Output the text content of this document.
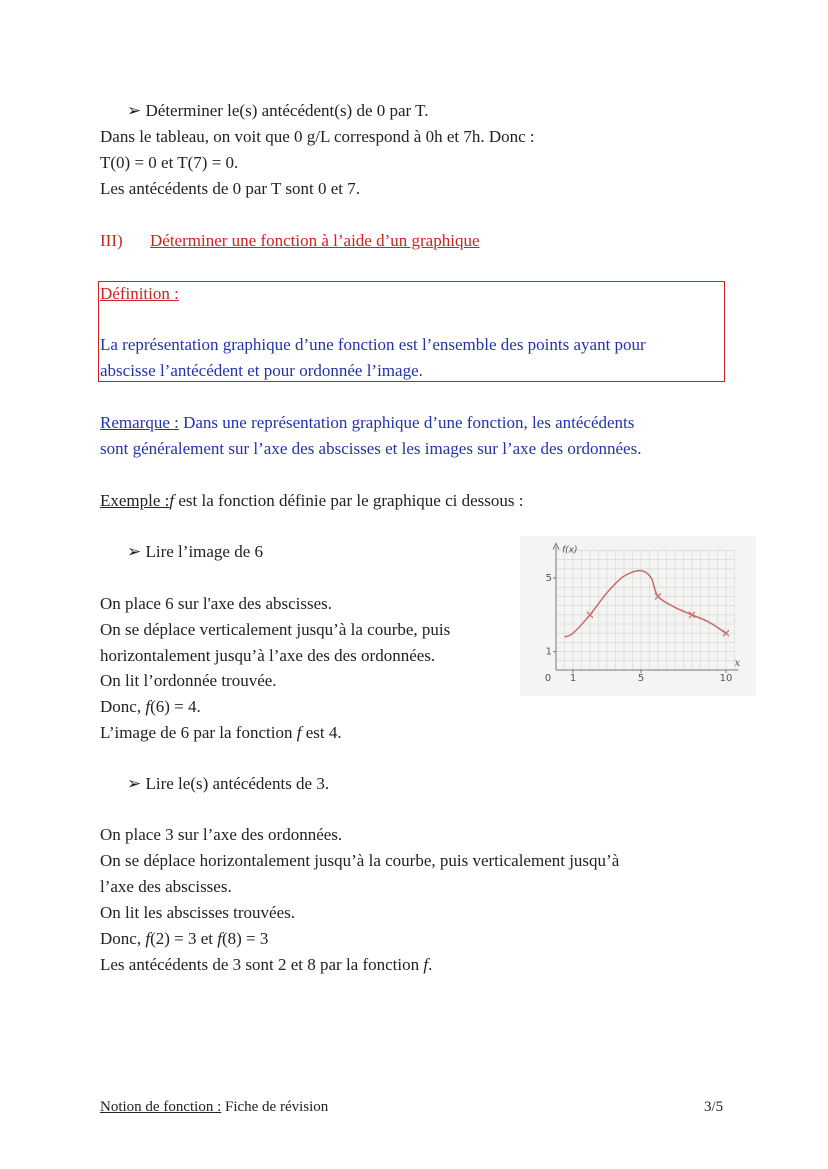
➢ Déterminer le(s) antécédent(s) de 0 par T.
Dans le tableau, on voit que 0 g/L correspond à 0h et 7h. Donc :
T(0) = 0 et T(7) = 0.
Les antécédents de 0 par T sont 0 et 7.
III) Déterminer une fonction à l’aide d’un graphique
Définition :
La représentation graphique d’une fonction est l’ensemble des points ayant pour
abscisse l’antécédent et pour ordonnée l’image.
Remarque : Dans une représentation graphique d’une fonction, les antécédents
sont généralement sur l’axe des abscisses et les images sur l’axe des ordonnées.
Exemple :f est la fonction définie par le graphique ci dessous :
➢ Lire l’image de 6
On place 6 sur l'axe des abscisses.
On se déplace verticalement jusqu’à la courbe, puis
horizontalement jusqu’à l’axe des des ordonnées.
On lit l’ordonnée trouvée.
Donc, f(6) = 4.
L’image de 6 par la fonction f est 4.
0 1	5	10
1
5
f(x)
x
➢ Lire le(s) antécédents de 3.
On place 3 sur l’axe des ordonnées.
On se déplace horizontalement jusqu’à la courbe, puis verticalement jusqu’à
l’axe des abscisses.
On lit les abscisses trouvées.
Donc, f(2) = 3 et f(8) = 3
Les antécédents de 3 sont 2 et 8 par la fonction f.
Notion de fonction : Fiche de révision	3/5
